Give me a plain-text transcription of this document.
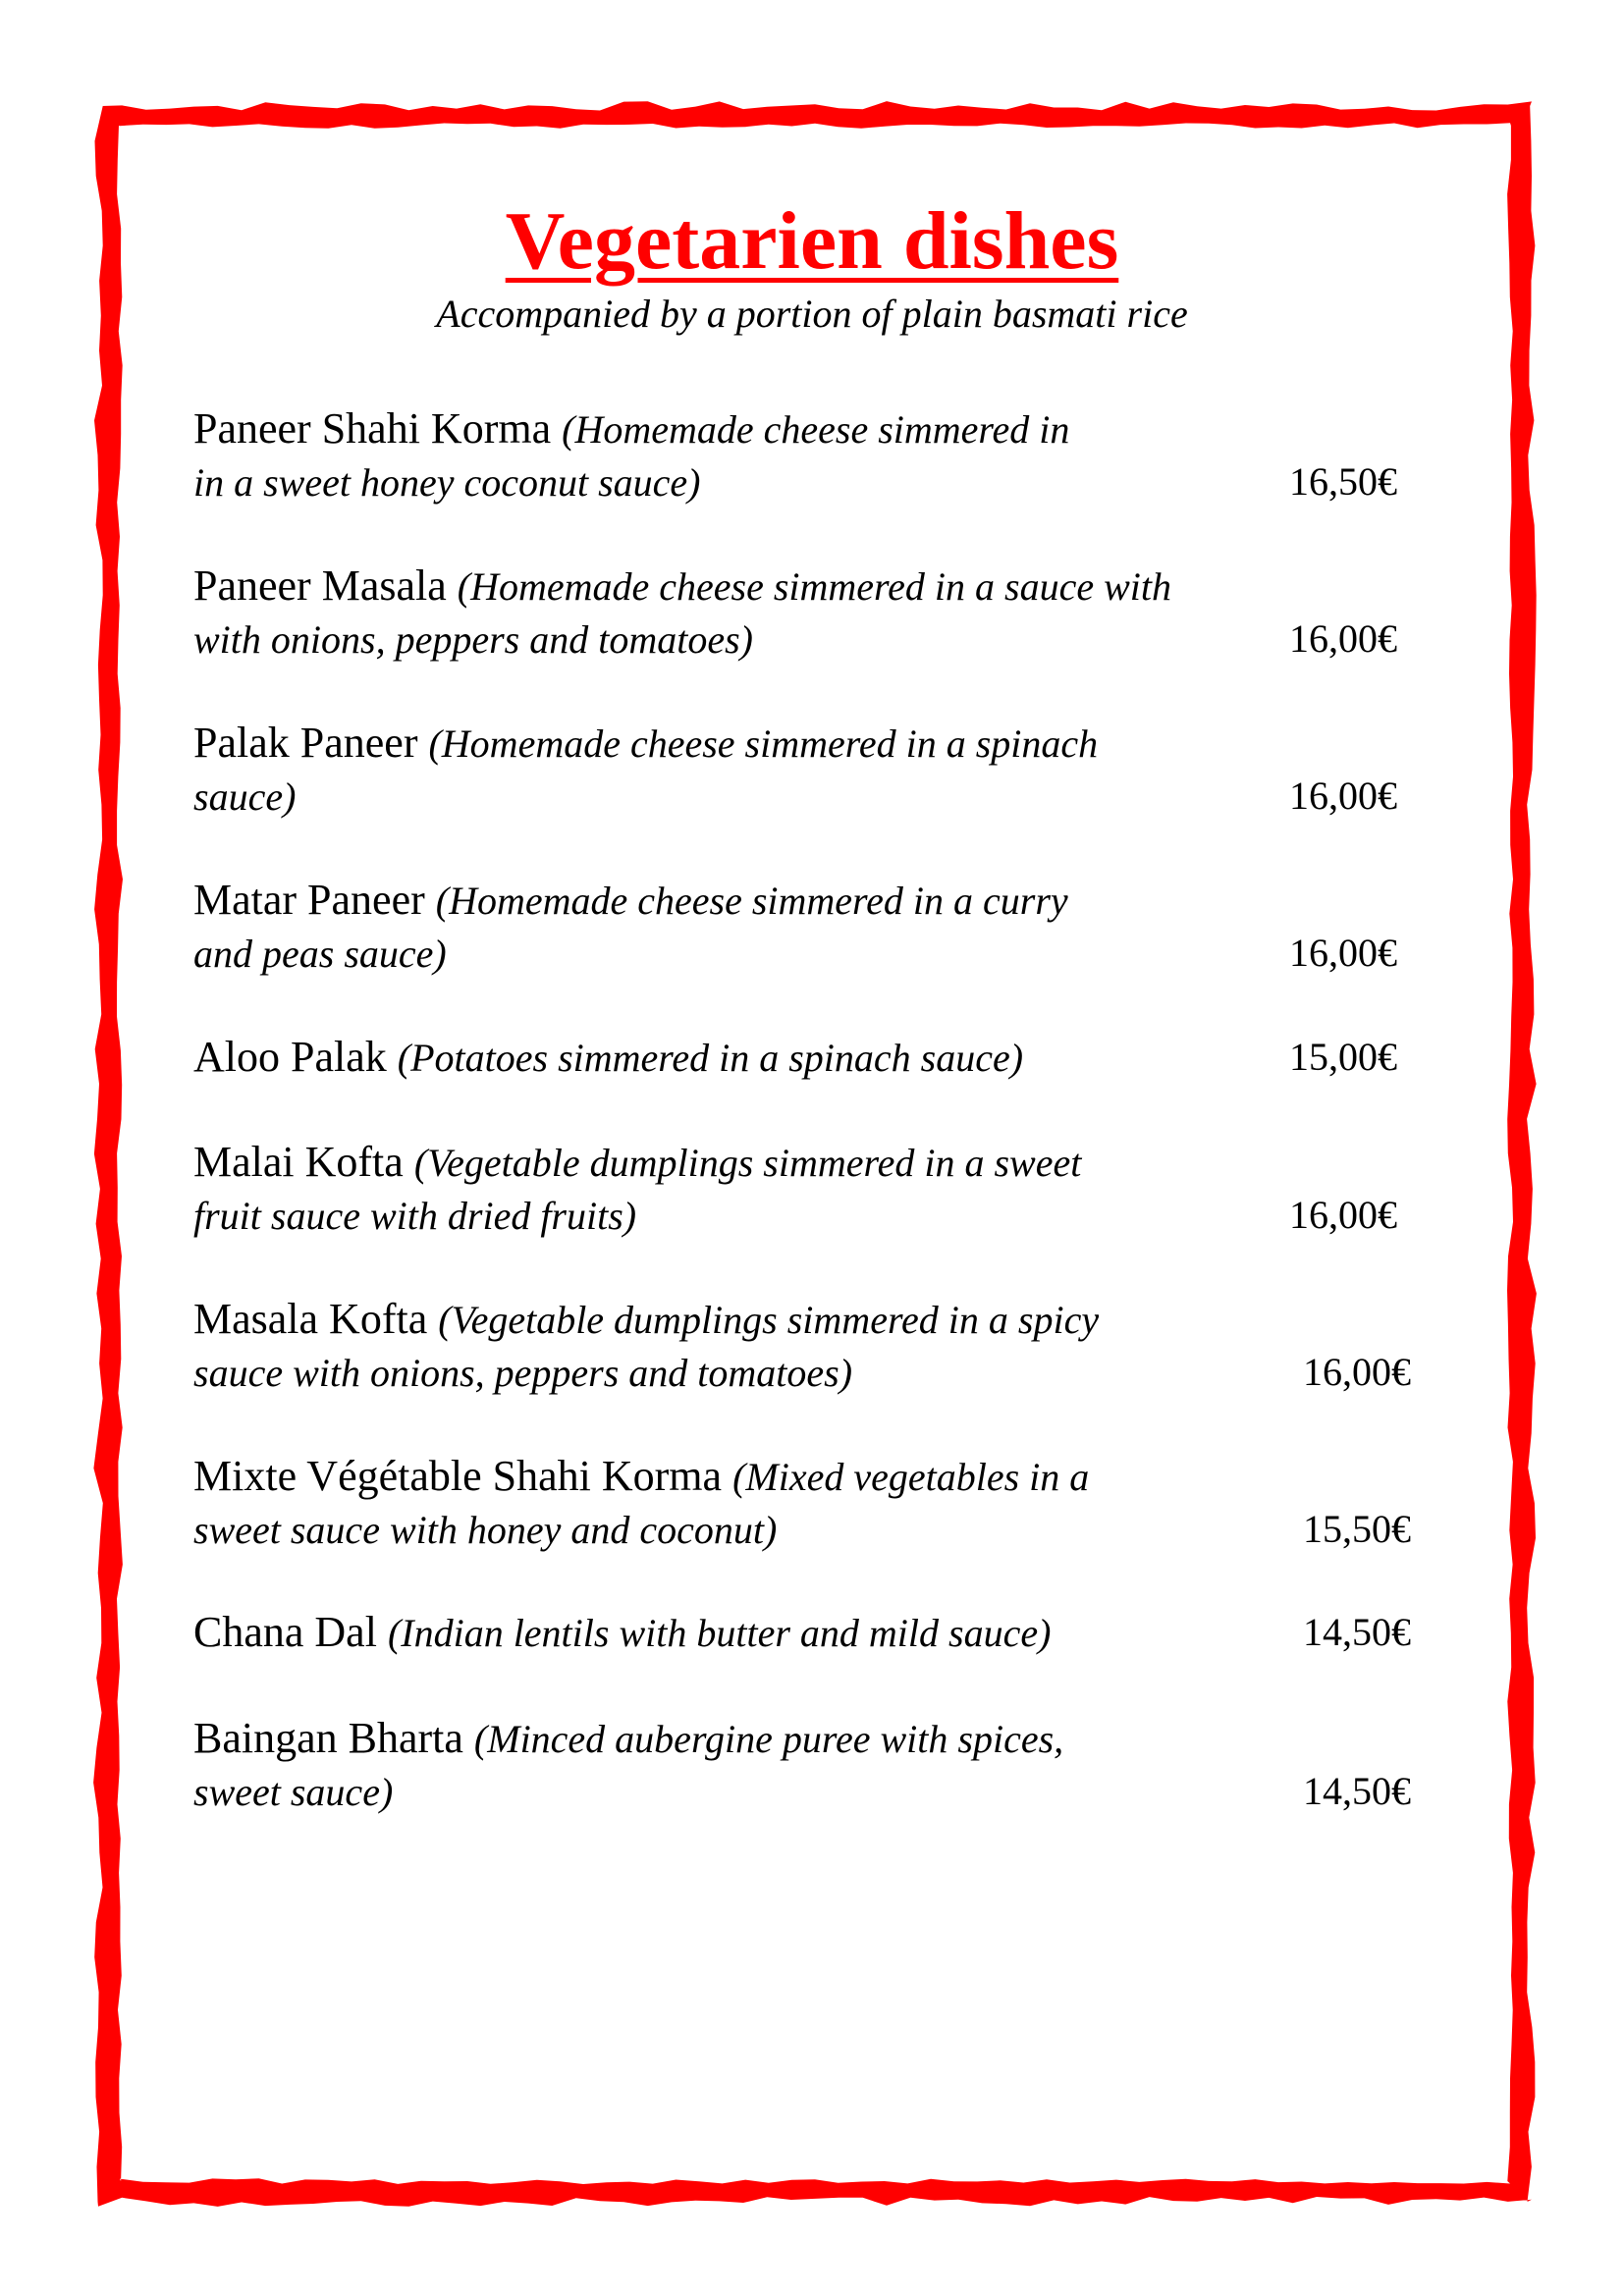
Vegetarien dishes
Accompanied by a portion of plain basmati rice
Paneer Shahi Korma (Homemade cheese simmered in
in a sweet honey coconut sauce)	16,50€
Paneer Masala (Homemade cheese simmered in a sauce with
with onions, peppers and tomatoes)	16,00€
Palak Paneer (Homemade cheese simmered in a spinach
sauce)	16,00€
Matar Paneer (Homemade cheese simmered in a curry
and peas sauce)	16,00€
Aloo Palak (Potatoes simmered in a spinach sauce)	15,00€
Malai Kofta (Vegetable dumplings simmered in a sweet
fruit sauce with dried fruits)	16,00€
Masala Kofta (Vegetable dumplings simmered in a spicy
sauce with onions, peppers and tomatoes)	16,00€
Mixte Végétable Shahi Korma (Mixed vegetables in a
sweet sauce with honey and coconut)	15,50€
Chana Dal (Indian lentils with butter and mild sauce)	14,50€
Baingan Bharta (Minced aubergine puree with spices,
sweet sauce)	14,50€
